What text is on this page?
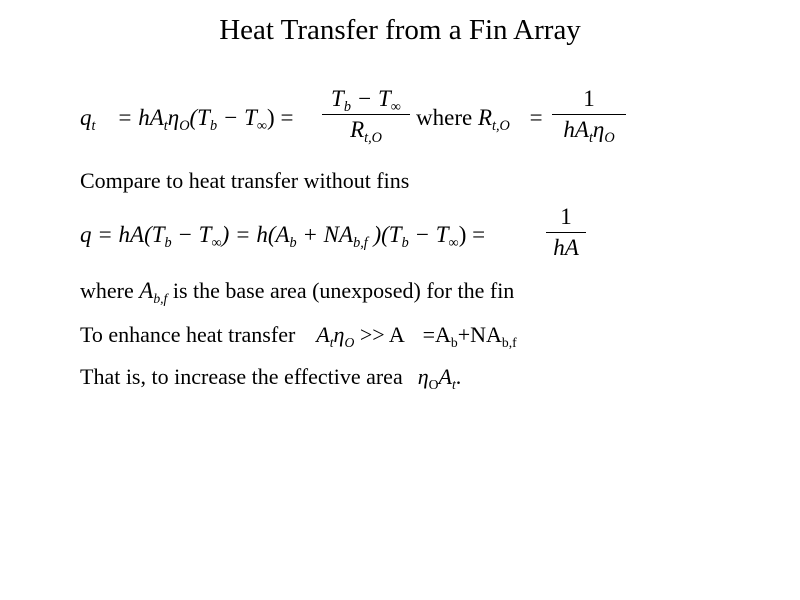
Heat Transfer from a Fin Array
$q_t = hA_t\eta_O(T_b - T_\infty)$ =
$T_b - T_\infty$
$R_{t,O}$
where $R_{t,O}$ =
1
$hA_t\eta_O$
Compare to heat transfer without fins
$q = hA(T_b - T_\infty) = h(A_b + NA_{b,f}$ )$(T_b - T_\infty)$ =
1
hA
where $A_{b,f}$ is the base area (unexposed) for the fin
To enhance heat transfer $A_t\eta_O >> A =A_b+NA_{b,f}$
That is, to increase the effective area $\eta_OA_t$.
